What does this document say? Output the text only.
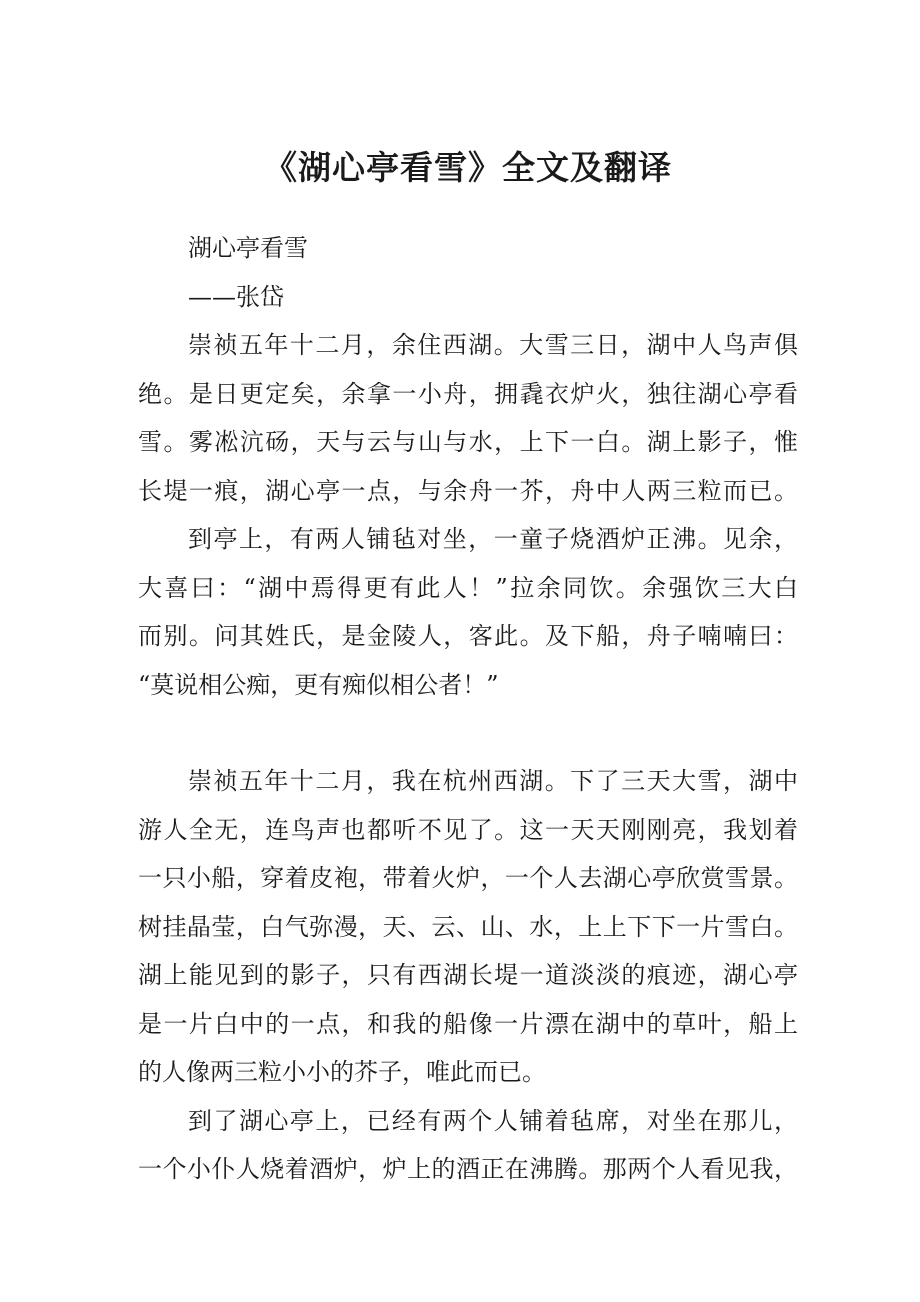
《湖心亭看雪》全文及翻译
湖心亭看雪
——张岱
崇祯五年十二月，余住西湖。大雪三日，湖中人鸟声俱
绝。是日更定矣，余拿一小舟，拥毳衣炉火，独往湖心亭看
雪。雾凇沆砀，天与云与山与水，上下一白。湖上影子，惟
长堤一痕，湖心亭一点，与余舟一芥，舟中人两三粒而已。
到亭上，有两人铺毡对坐，一童子烧酒炉正沸。见余，
大喜曰：“湖中焉得更有此人！”拉余同饮。余强饮三大白
而别。问其姓氏，是金陵人，客此。及下船，舟子喃喃曰：
“莫说相公痴，更有痴似相公者！”
崇祯五年十二月，我在杭州西湖。下了三天大雪，湖中
游人全无，连鸟声也都听不见了。这一天天刚刚亮，我划着
一只小船，穿着皮袍，带着火炉，一个人去湖心亭欣赏雪景。
树挂晶莹，白气弥漫，天、云、山、水，上上下下一片雪白。
湖上能见到的影子，只有西湖长堤一道淡淡的痕迹，湖心亭
是一片白中的一点，和我的船像一片漂在湖中的草叶，船上
的人像两三粒小小的芥子，唯此而已。
到了湖心亭上，已经有两个人铺着毡席，对坐在那儿，
一个小仆人烧着酒炉，炉上的酒正在沸腾。那两个人看见我，
